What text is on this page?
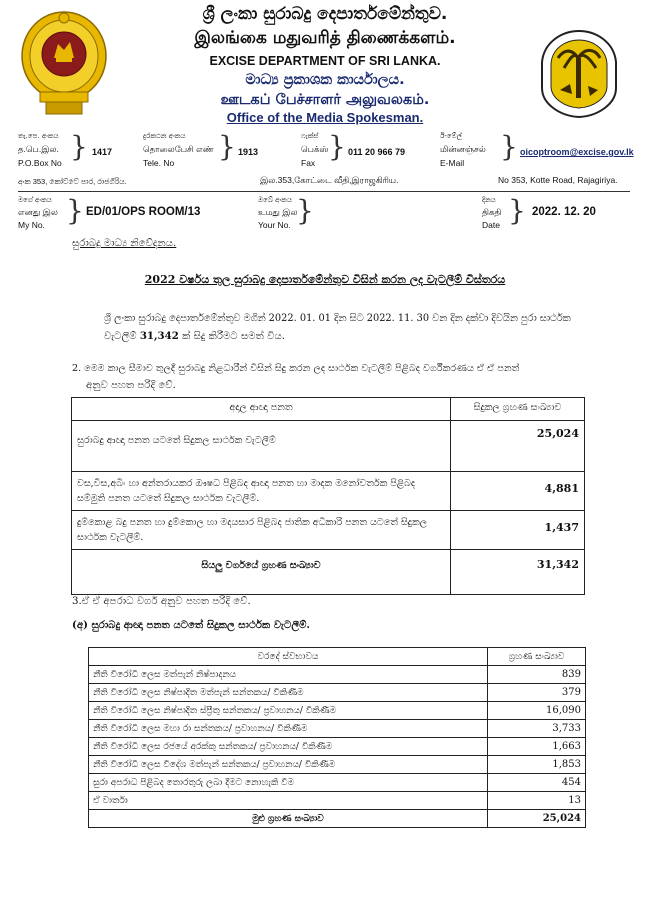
ශ්‍රී ලංකා සුරාබදු දෙපාර්තමේන්තුව.
இலங்கை மதுவரித் திணைக்களம்.
EXCISE DEPARTMENT OF SRI LANKA.
මාධ්‍ය ප්‍රකාශක කාර්යාලය.
ஊடகப் பேச்சாளர் அலுவலகம்.
Office of the Media Spokesman.
තැ.පෙ. අංකය
த.பெ.இல.
P.O.Box No } 1417
දුරකථන අංකය
தொலைபேசி எண்
Tele. No } 1913
ෆැක්ස්
பெக்ஸ்
Fax } 011 20 966 79
ඊ-මේල්
மின்னஞ்சல்
E-Mail } oicoptroom@excise.gov.lk
අංක 353, කෝට්ටේ පාර, රාජගිරිය.	இல.353,கோட்டை வீதி,இராஜகிரிய.	No 353, Kotte Road, Rajagiriya.
මගේ අංකය
எனது இல
My No. } ED/01/OPS ROOM/13
ඔබේ අංකය
உமது இல
Your No. }	දිනය
திகதி
Date } 2022. 12. 20
සුරාබදු මාධ්‍ය නිවේදනය.
2022 වර්ෂය තුල සුරාබදු දෙපාර්තමේන්තුව විසින් කරන ලද වැටලීම් විස්තරය
ශ්‍රී ලංකා සුරාබදු දෙපාර්තමේන්තුව මගින් 2022. 01. 01 දින සිට 2022. 11. 30 වන දින දක්වා දිවයින පුරා සාර්ථක
වැටලීම් 31,342 ක් සිදු කිරීමට සමත් විය.
2. මෙම කාල සීමාව තුලදී සුරාබදු නිළධාරීන් විසින් සිදු කරන ලද සාර්ථක වැටලීම් පිළිබද වර්ගීකරණය ඒ ඒ පනත්
අනුව පහත පරිදි වේ.
අදාල ආඥා පනත	සිදුකල ග්‍රහණ සංඛ්‍යාව
සුරාබදු ආඥා පනත යටතේ සිදුකල සාර්ථක වැටලීම්	25,024
වස,විස,අබිං හා අන්තරායකර ඖෂධ පිළිබද ආඥා පනත හා මාදක මනෝවර්තක පිළිබද සම්මුති පනත යටතේ සිදුකල සාර්ථක වැටලීම්.	4,881
දුම්කොළ බදු පනත හා දුම්කොල හා මදයසාර පිළිබද ජාතික අධිකාරි පනත යටතේ සිදුකල සාර්ථක වැටලීම්.	1,437
සියලු වර්ගයේ ග්‍රහණ සංඛ්‍යාව	31,342
3.ඒ ඒ අපරාධ වර්ග අනුව පහත පරිදි වේ.
(අ) සුරාබදු ආඥා පනත යටතේ සිදුකල සාර්ථක වැටලීම්.
වරදේ ස්වභාවය	ග්‍රහණ සංඛ්‍යාව
නීති විරෝධී ලෙස මත්පැන් නිෂ්පාදනය	839
නීති විරෝධී ලෙස නිෂ්පාදිත මත්පැන් සන්තකය/ විකිණීම	379
නීති විරෝධී ලෙස නිෂ්පාදිත ස්ප්‍රීතු සන්තකය/ ප්‍රවාහනය/ විකිණීම	16,090
නීති විරෝධී ලෙස මහා රා සන්තකය/ ප්‍රවාහනය/ විකිණීම	3,733
නීති විරෝධී ලෙස රජයේ අරක්කු සන්තකය/ ප්‍රවාහනය/ විකිණීම	1,663
නීති විරෝධී ලෙස විදේශ මත්පැන් සන්තකය/ ප්‍රවාහනය/ විකිණීම	1,853
සුරා අපරාධ පිළිබද තොරතුරු ලබා දීමට නොහැකි වීම	454
ඒ වාර්තා	13
මුළු ග්‍රහණ සංඛ්‍යාව	25,024
